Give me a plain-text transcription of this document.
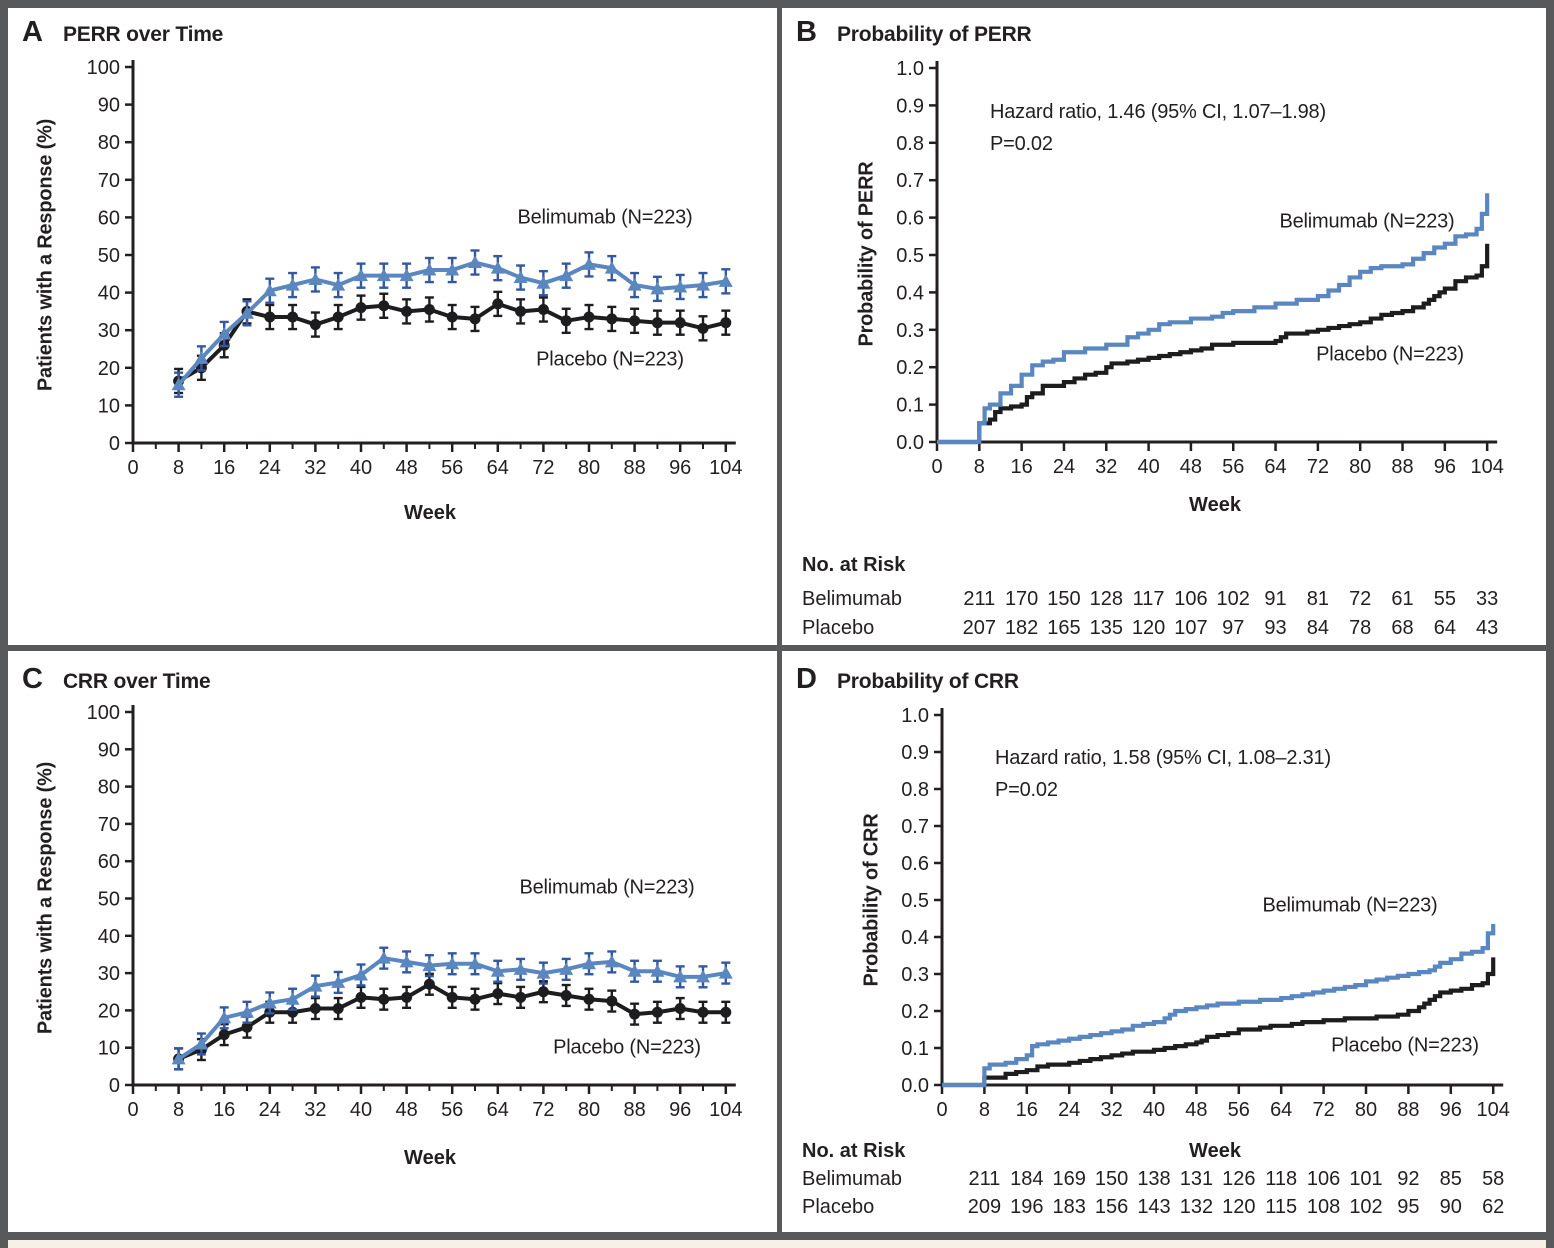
0 8 16 24 32 40 48 56 64 72 80 88 96 104
0
10
20
30
40
50
60
70
80
90
100
A PERR over Time
Patients with a Response (%)
Week
Belimumab (N=223)
Placebo (N=223)
0 8 16 24 32 40 48 56 64 72 80 88 96 104
0.0
0.1
0.2
0.3
0.4
0.5
0.6
0.7
0.8
0.9
1.0
B Probability of PERR
Hazard ratio, 1.46 (95% CI, 1.07–1.98)
P=0.02
Probability of PERR
Week
Belimumab (N=223)
Placebo (N=223)
No. at Risk
Belimumab	211 170 150 128 117 106 102 91 81 72 61 55 33
Placebo	207 182 165 135 120 107 97 93 84 78 68 64 43
0 8 16 24 32 40 48 56 64 72 80 88 96 104
0
10
20
30
40
50
60
70
80
90
100
C CRR over Time
Patients with a Response (%)
Week
Belimumab (N=223)
Placebo (N=223)
0 8 16 24 32 40 48 56 64 72 80 88 96 104
0.0
0.1
0.2
0.3
0.4
0.5
0.6
0.7
0.8
0.9
1.0
D Probability of CRR
Hazard ratio, 1.58 (95% CI, 1.08–2.31)
P=0.02
Probability of CRR	Belimumab (N=223)
Placebo (N=223)
No. at Risk	Week
Belimumab	211 184 169 150 138 131 126 118 106 101 92 85 58
Placebo	209 196 183 156 143 132 120 115 108 102 95 90 62
